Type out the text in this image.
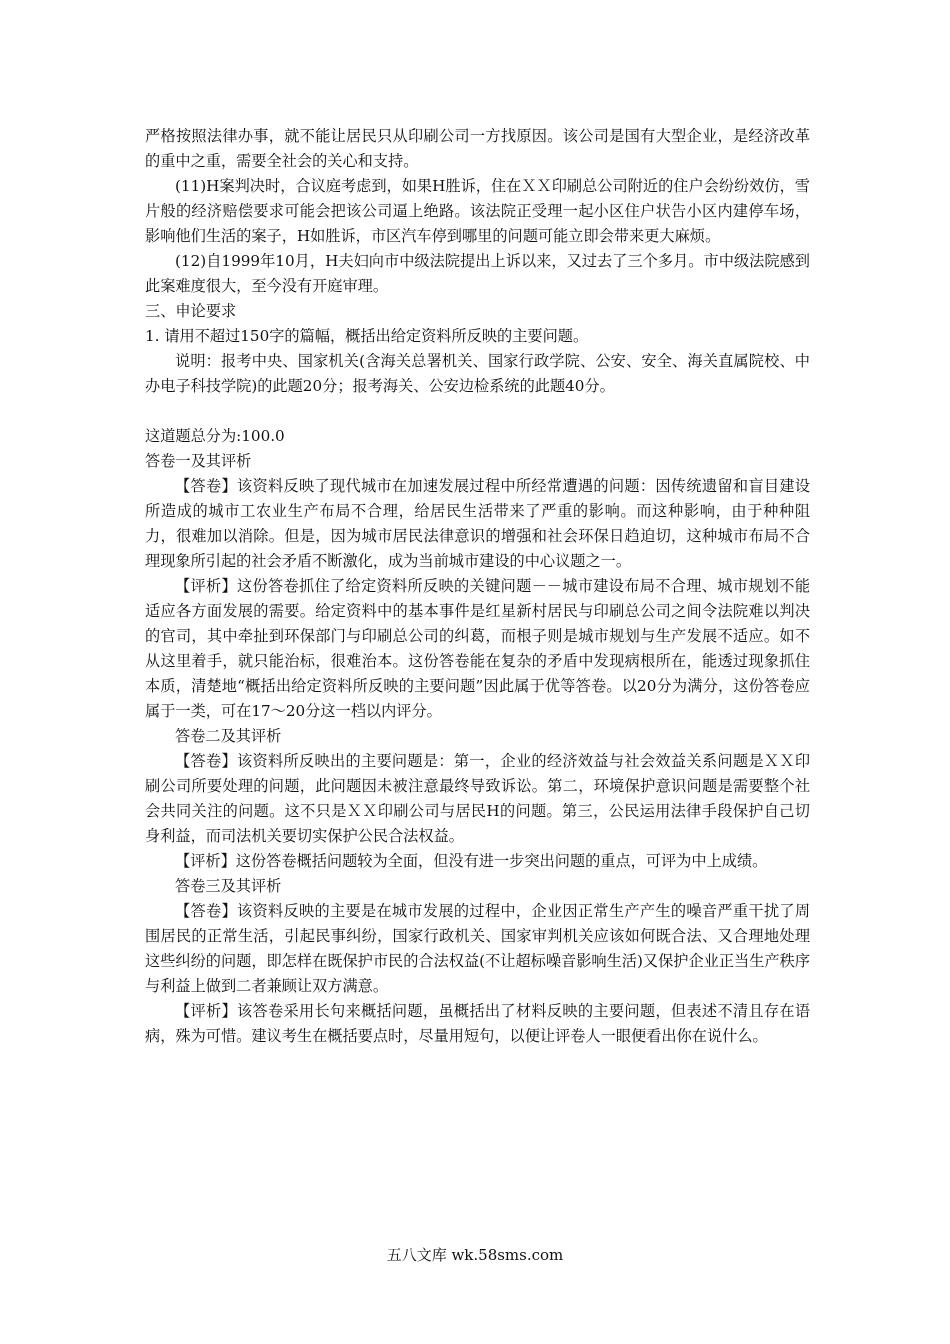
严格按照法律办事，就不能让居民只从印刷公司一方找原因。该公司是国有大型企业，是经济改革的重中之重，需要全社会的关心和支持。

(11)H案判决时，合议庭考虑到，如果H胜诉，住在ＸＸ印刷总公司附近的住户会纷纷效仿，雪片般的经济赔偿要求可能会把该公司逼上绝路。该法院正受理一起小区住户状告小区内建停车场，影响他们生活的案子，H如胜诉，市区汽车停到哪里的问题可能立即会带来更大麻烦。

(12)自1999年10月，H夫妇向市中级法院提出上诉以来，又过去了三个多月。市中级法院感到此案难度很大，至今没有开庭审理。

三、申论要求

1. 请用不超过150字的篇幅，概括出给定资料所反映的主要问题。

说明：报考中央、国家机关(含海关总署机关、国家行政学院、公安、安全、海关直属院校、中办电子科技学院)的此题20分；报考海关、公安边检系统的此题40分。

这道题总分为:100.0

答卷一及其评析

【答卷】该资料反映了现代城市在加速发展过程中所经常遭遇的问题：因传统遗留和盲目建设所造成的城市工农业生产布局不合理，给居民生活带来了严重的影响。而这种影响，由于种种阻力，很难加以消除。但是，因为城市居民法律意识的增强和社会环保日趋迫切，这种城市布局不合理现象所引起的社会矛盾不断激化，成为当前城市建设的中心议题之一。

【评析】这份答卷抓住了给定资料所反映的关键问题－－城市建设布局不合理、城市规划不能适应各方面发展的需要。给定资料中的基本事件是红星新村居民与印刷总公司之间令法院难以判决的官司，其中牵扯到环保部门与印刷总公司的纠葛，而根子则是城市规划与生产发展不适应。如不从这里着手，就只能治标，很难治本。这份答卷能在复杂的矛盾中发现病根所在，能透过现象抓住本质，清楚地“概括出给定资料所反映的主要问题”因此属于优等答卷。以20分为满分，这份答卷应属于一类，可在17～20分这一档以内评分。

答卷二及其评析

【答卷】该资料所反映出的主要问题是：第一，企业的经济效益与社会效益关系问题是ＸＸ印刷公司所要处理的问题，此问题因未被注意最终导致诉讼。第二，环境保护意识问题是需要整个社会共同关注的问题。这不只是ＸＸ印刷公司与居民H的问题。第三，公民运用法律手段保护自己切身利益，而司法机关要切实保护公民合法权益。

【评析】这份答卷概括问题较为全面，但没有进一步突出问题的重点，可评为中上成绩。

答卷三及其评析

【答卷】该资料反映的主要是在城市发展的过程中，企业因正常生产产生的噪音严重干扰了周围居民的正常生活，引起民事纠纷，国家行政机关、国家审判机关应该如何既合法、又合理地处理这些纠纷的问题，即怎样在既保护市民的合法权益(不让超标噪音影响生活)又保护企业正当生产秩序与利益上做到二者兼顾让双方满意。

【评析】该答卷采用长句来概括问题，虽概括出了材料反映的主要问题，但表述不清且存在语病，殊为可惜。建议考生在概括要点时，尽量用短句，以便让评卷人一眼便看出你在说什么。

五八文库 wk.58sms.com
